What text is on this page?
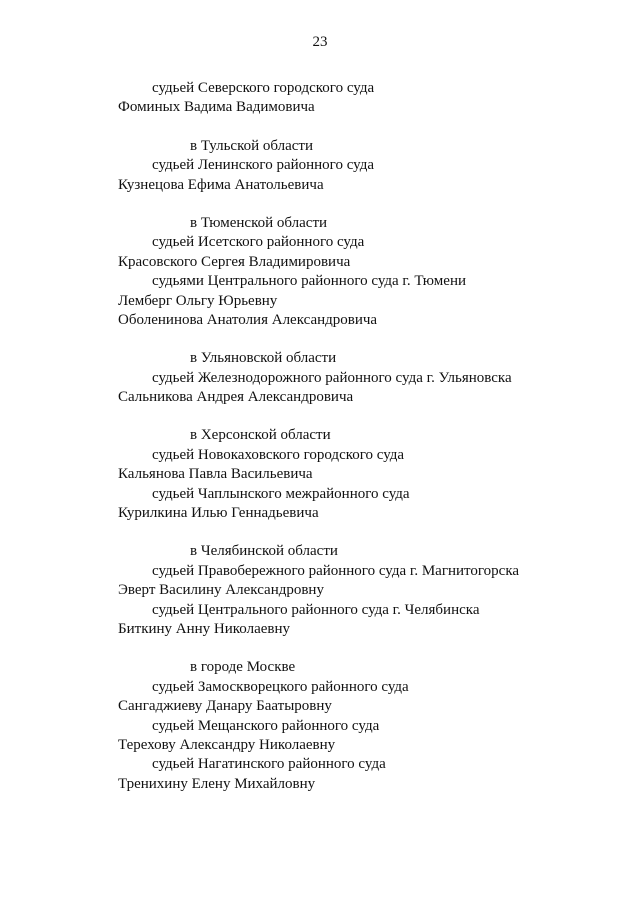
23
судьей Северского городского суда
Фоминых Вадима Вадимовича
в Тульской области
судьей Ленинского районного суда
Кузнецова Ефима Анатольевича
в Тюменской области
судьей Исетского районного суда
Красовского Сергея Владимировича
судьями Центрального районного суда г. Тюмени
Лемберг Ольгу Юрьевну
Оболенинова Анатолия Александровича
в Ульяновской области
судьей Железнодорожного районного суда г. Ульяновска
Сальникова Андрея Александровича
в Херсонской области
судьей Новокаховского городского суда
Кальянова Павла Васильевича
судьей Чаплынского межрайонного суда
Курилкина Илью Геннадьевича
в Челябинской области
судьей Правобережного районного суда г. Магнитогорска
Эверт Василину Александровну
судьей Центрального районного суда г. Челябинска
Биткину Анну Николаевну
в городе Москве
судьей Замоскворецкого районного суда
Сангаджиеву Данару Баатыровну
судьей Мещанского районного суда
Терехову Александру Николаевну
судьей Нагатинского районного суда
Тренихину Елену Михайловну
